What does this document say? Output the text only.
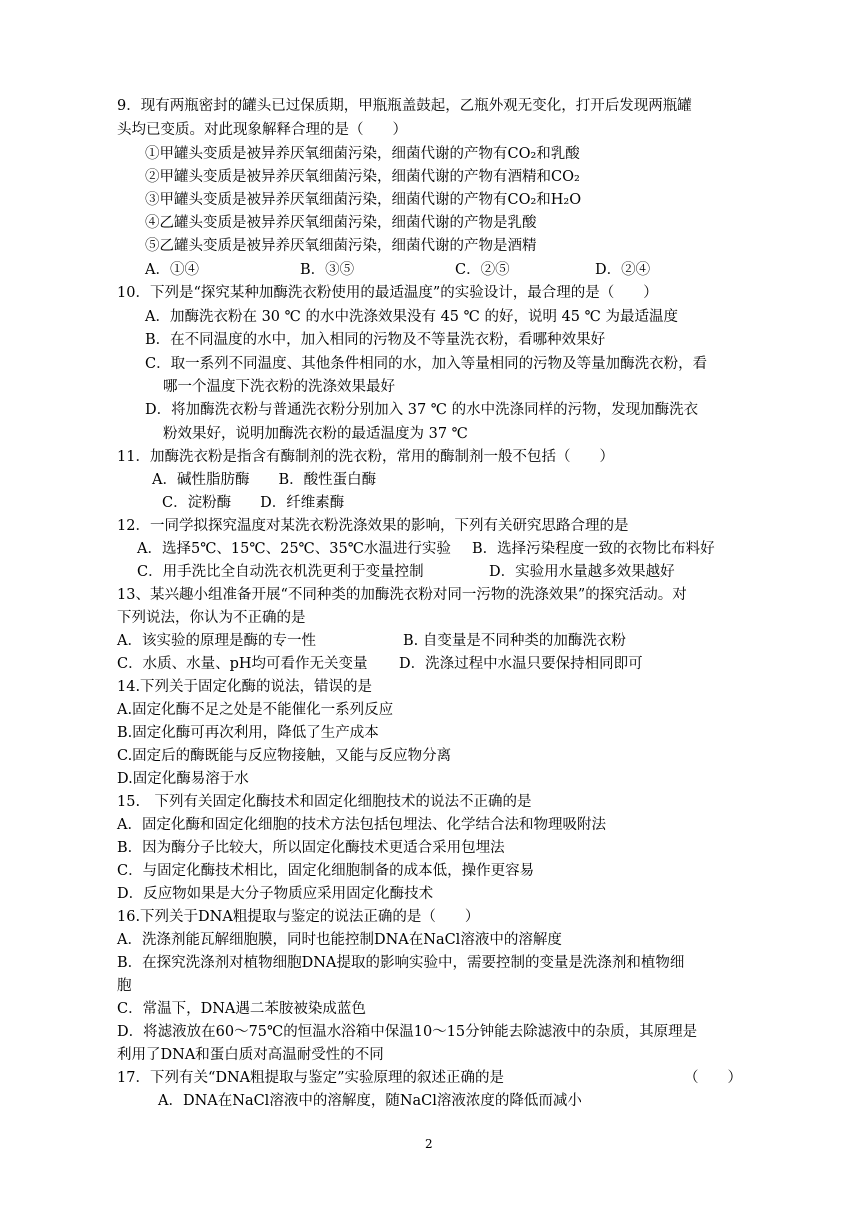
9．现有两瓶密封的罐头已过保质期，甲瓶瓶盖鼓起，乙瓶外观无变化，打开后发现两瓶罐
头均已变质。对此现象解释合理的是（　　）
①甲罐头变质是被异养厌氧细菌污染，细菌代谢的产物有CO₂和乳酸
②甲罐头变质是被异养厌氧细菌污染，细菌代谢的产物有酒精和CO₂
③甲罐头变质是被异养厌氧细菌污染，细菌代谢的产物有CO₂和H₂O
④乙罐头变质是被异养厌氧细菌污染，细菌代谢的产物是乳酸
⑤乙罐头变质是被异养厌氧细菌污染，细菌代谢的产物是酒精
A．①④	B．③⑤	C．②⑤	D．②④
10．下列是“探究某种加酶洗衣粉使用的最适温度”的实验设计，最合理的是（　　）
A．加酶洗衣粉在 30 ℃ 的水中洗涤效果没有 45 ℃ 的好，说明 45 ℃ 为最适温度
B．在不同温度的水中，加入相同的污物及不等量洗衣粉，看哪种效果好
C．取一系列不同温度、其他条件相同的水，加入等量相同的污物及等量加酶洗衣粉，看
哪一个温度下洗衣粉的洗涤效果最好
D．将加酶洗衣粉与普通洗衣粉分别加入 37 ℃ 的水中洗涤同样的污物，发现加酶洗衣
粉效果好，说明加酶洗衣粉的最适温度为 37 ℃
11．加酶洗衣粉是指含有酶制剂的洗衣粉，常用的酶制剂一般不包括（　　）
A．碱性脂肪酶　　B．酸性蛋白酶
C．淀粉酶　　D．纤维素酶
12．一同学拟探究温度对某洗衣粉洗涤效果的影响，下列有关研究思路合理的是
A．选择5℃、15℃、25℃、35℃水温进行实验 B．选择污染程度一致的衣物比布料好
C．用手洗比全自动洗衣机洗更利于变量控制	D．实验用水量越多效果越好
13、某兴趣小组准备开展“不同种类的加酶洗衣粉对同一污物的洗涤效果”的探究活动。对
下列说法，你认为不正确的是
A．该实验的原理是酶的专一性	B. 自变量是不同种类的加酶洗衣粉
C．水质、水量、pH均可看作无关变量 D．洗涤过程中水温只要保持相同即可
14.下列关于固定化酶的说法，错误的是
A.固定化酶不足之处是不能催化一系列反应
B.固定化酶可再次利用，降低了生产成本
C.固定后的酶既能与反应物接触，又能与反应物分离
D.固定化酶易溶于水
15.　下列有关固定化酶技术和固定化细胞技术的说法不正确的是
A．固定化酶和固定化细胞的技术方法包括包埋法、化学结合法和物理吸附法
B．因为酶分子比较大，所以固定化酶技术更适合采用包埋法
C．与固定化酶技术相比，固定化细胞制备的成本低，操作更容易
D．反应物如果是大分子物质应采用固定化酶技术
16.下列关于DNA粗提取与鉴定的说法正确的是（　　）
A．洗涤剂能瓦解细胞膜，同时也能控制DNA在NaCl溶液中的溶解度
B．在探究洗涤剂对植物细胞DNA提取的影响实验中，需要控制的变量是洗涤剂和植物细
胞
C．常温下，DNA遇二苯胺被染成蓝色
D．将滤液放在60～75℃的恒温水浴箱中保温10～15分钟能去除滤液中的杂质，其原理是
利用了DNA和蛋白质对高温耐受性的不同
17．下列有关“DNA粗提取与鉴定”实验原理的叙述正确的是	（　　）
A．DNA在NaCl溶液中的溶解度，随NaCl溶液浓度的降低而减小
2
